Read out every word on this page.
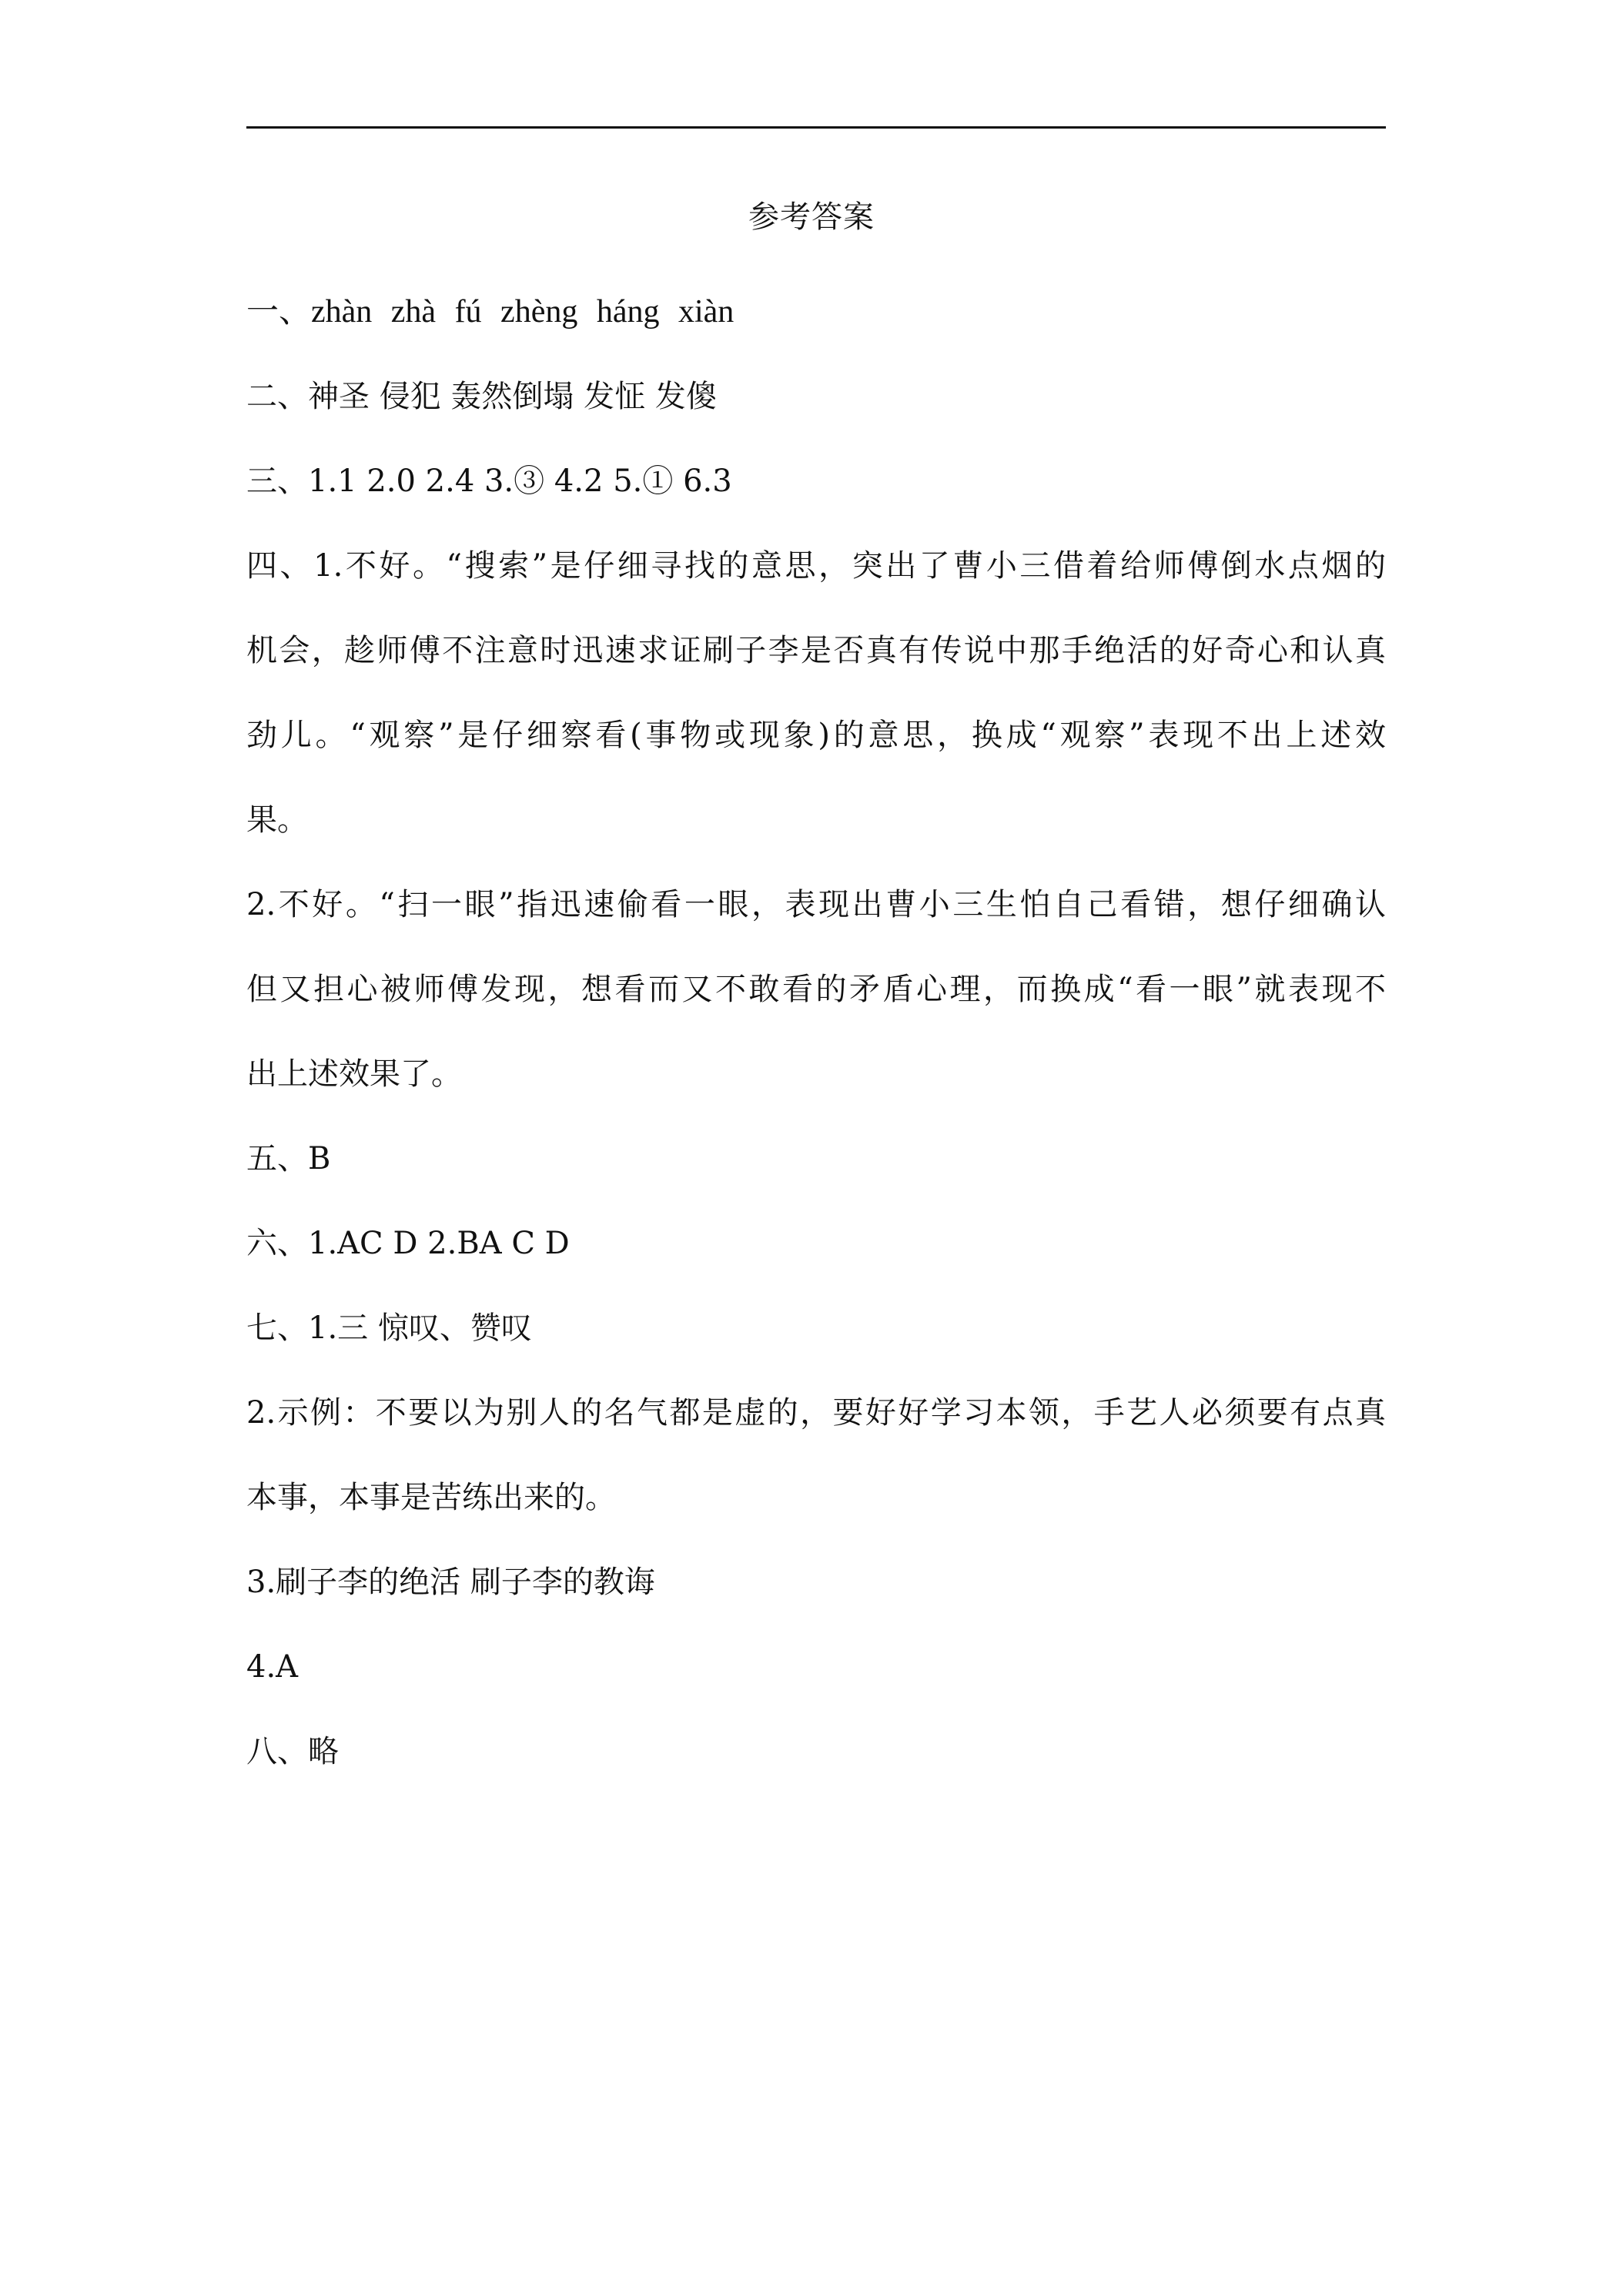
参考答案
一、zhàn zhà fú zhèng háng xiàn
二、神圣 侵犯 轰然倒塌 发怔 发傻
三、1.1 2.0 2.4 3.③ 4.2 5.① 6.3
四、1.不好。“搜索”是仔细寻找的意思，突出了曹小三借着给师傅倒水点烟的
机会，趁师傅不注意时迅速求证刷子李是否真有传说中那手绝活的好奇心和认真
劲儿。“观察”是仔细察看(事物或现象)的意思，换成“观察”表现不出上述效
果。
2.不好。“扫一眼”指迅速偷看一眼，表现出曹小三生怕自己看错，想仔细确认
但又担心被师傅发现，想看而又不敢看的矛盾心理，而换成“看一眼”就表现不
出上述效果了。
五、B
六、1.AC D 2.BA C D
七、1.三 惊叹、赞叹
2.示例：不要以为别人的名气都是虚的，要好好学习本领，手艺人必须要有点真
本事，本事是苦练出来的。
3.刷子李的绝活 刷子李的教诲
4.A
八、略
